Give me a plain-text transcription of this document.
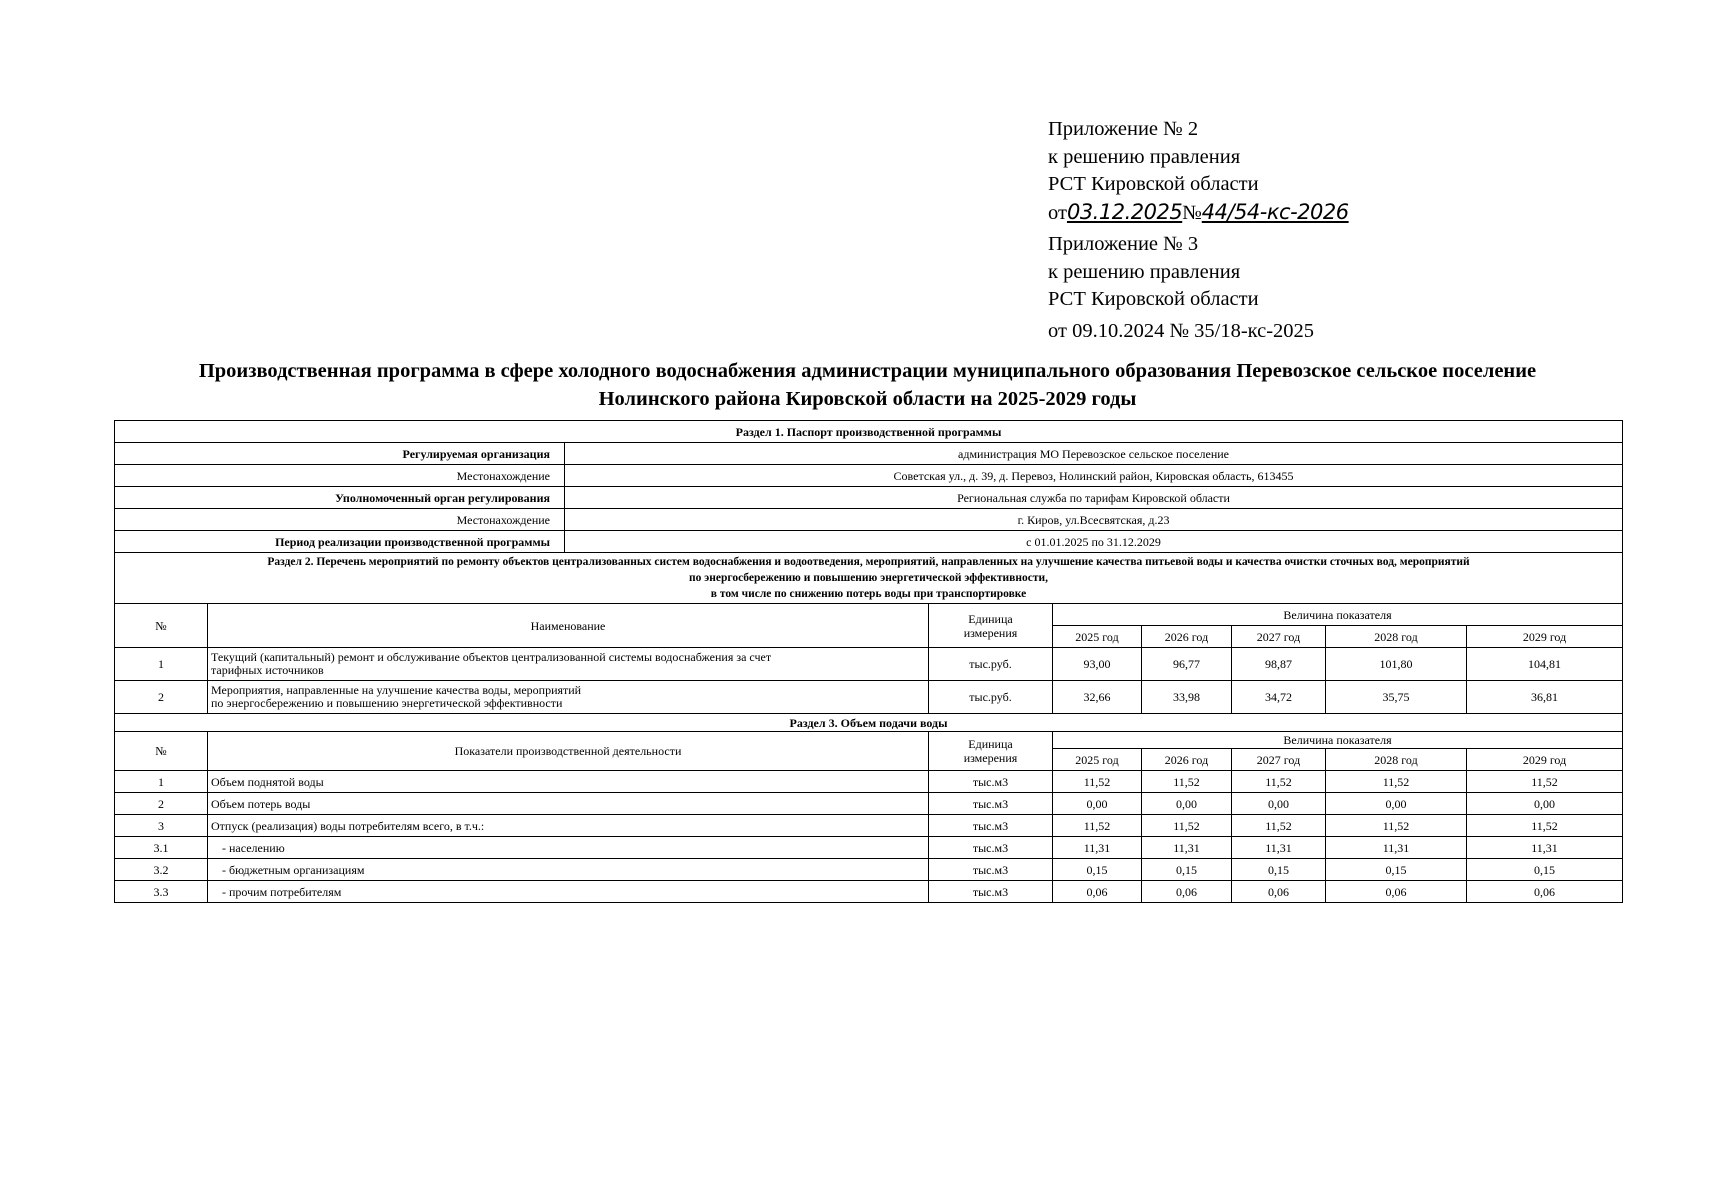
Приложение № 2
к решению правления
РСТ Кировской области
от03.12.2025№44/54-кс-2026
Приложение № 3
к решению правления
РСТ Кировской области
от 09.10.2024 № 35/18-кс-2025
Производственная программа в сфере холодного водоснабжения администрации муниципального образования Перевозское сельское поселение
Нолинского района Кировской области на 2025-2029 годы
Раздел 1. Паспорт производственной программы								
Регулируемая организация		администрация МО Перевозское сельское поселение						
Местонахождение		Советская ул., д. 39, д. Перевоз, Нолинский район, Кировская область, 613455						
Уполномоченный орган регулирования		Региональная служба по тарифам Кировской области						
Местонахождение		г. Киров, ул.Всесвятская, д.23						
Период реализации производственной программы		с 01.01.2025 по 31.12.2029						

Раздел 2. Перечень мероприятий по ремонту объектов централизованных систем водоснабжения и водоотведения, мероприятий, направленных на улучшение качества питьевой воды и качества очистки сточных вод, мероприятий
по энергосбережению и повышению энергетической эффективности,
в том числе по снижению потерь воды при транспортировке								

№	Наименование		Единица
измерения	Величина показателя				
				2025 год	2026 год	2027 год	2028 год	2029 год
1	Текущий (капитальный) ремонт и обслуживание объектов централизованной системы водоснабжения за счет
тарифных источников		тыс.руб.	93,00	96,77	98,87	101,80	104,81
2	Мероприятия, направленные на улучшение качества воды, мероприятий
по энергосбережению и повышению энергетической эффективности		тыс.руб.	32,66	33,98	34,72	35,75	36,81
Раздел 3. Объем подачи воды								
№	Показатели производственной деятельности		Единица
измерения	Величина показателя				
				2025 год	2026 год	2027 год	2028 год	2029 год
1	Объем поднятой воды		тыс.м3	11,52	11,52	11,52	11,52	11,52
2	Объем потерь воды		тыс.м3	0,00	0,00	0,00	0,00	0,00
3	Отпуск (реализация) воды потребителям всего, в т.ч.:		тыс.м3	11,52	11,52	11,52	11,52	11,52
3.1	- населению		тыс.м3	11,31	11,31	11,31	11,31	11,31
3.2	- бюджетным организациям		тыс.м3	0,15	0,15	0,15	0,15	0,15
3.3	- прочим потребителям		тыс.м3	0,06	0,06	0,06	0,06	0,06
